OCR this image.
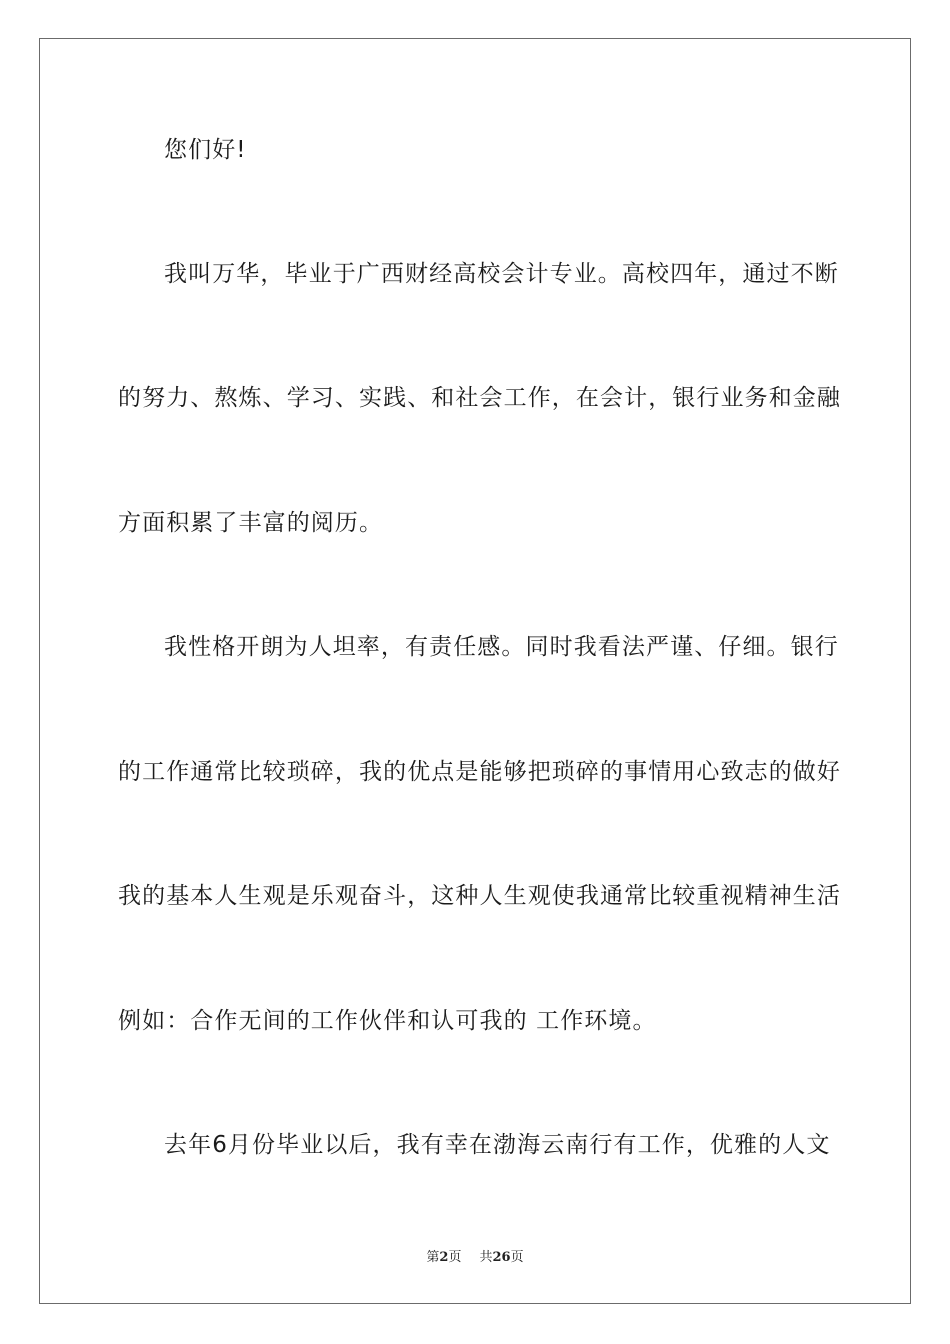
您们好!
我叫万华，毕业于广西财经高校会计专业。高校四年，通过不断
的努力、熬炼、学习、实践、和社会工作，在会计，银行业务和金融
方面积累了丰富的阅历。
我性格开朗为人坦率，有责任感。同时我看法严谨、仔细。银行
的工作通常比较琐碎，我的优点是能够把琐碎的事情用心致志的做好
我的基本人生观是乐观奋斗，这种人生观使我通常比较重视精神生活
例如：合作无间的工作伙伴和认可我的 工作环境。
去年6月份毕业以后，我有幸在渤海云南行有工作，优雅的人文
第2页 共26页
